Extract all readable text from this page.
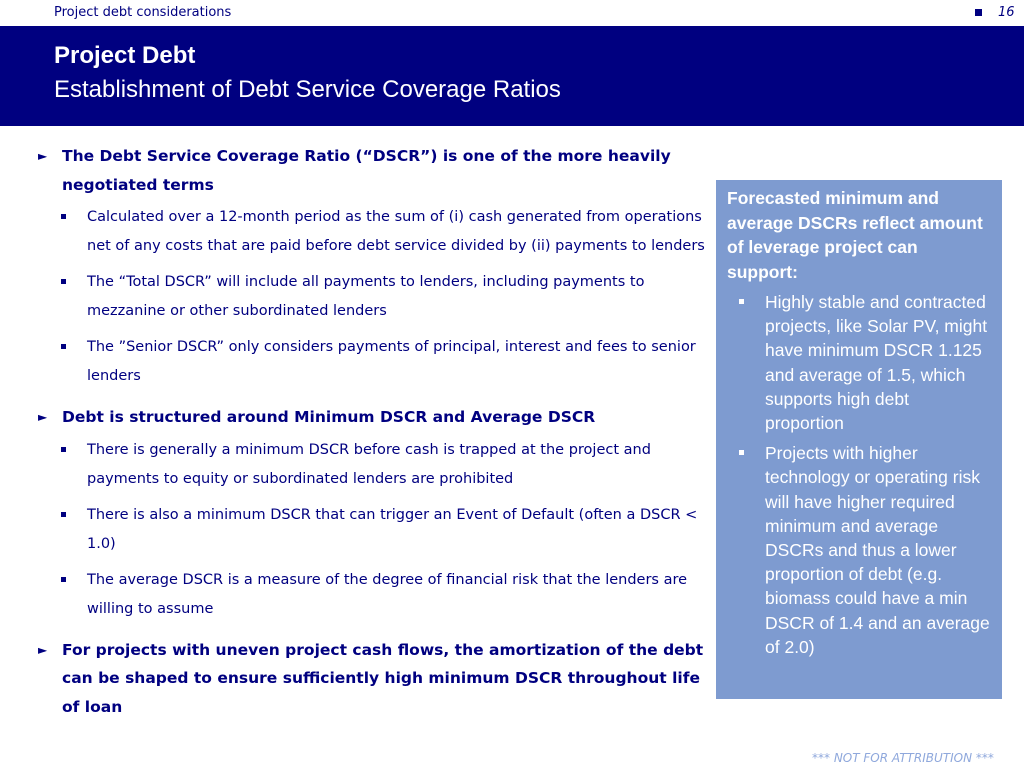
Project debt considerations	16
Project Debt
Establishment of Debt Service Coverage Ratios
► The Debt Service Coverage Ratio (“DSCR”) is one of the more heavily negotiated terms
Calculated over a 12-month period as the sum of (i) cash generated from operations net of any costs that are paid before debt service divided by (ii) payments to lenders
The “Total DSCR” will include all payments to lenders, including payments to mezzanine or other subordinated lenders
The ”Senior DSCR” only considers payments of principal, interest and fees to senior lenders
► Debt is structured around Minimum DSCR and Average DSCR
There is generally a minimum DSCR before cash is trapped at the project and payments to equity or subordinated lenders are prohibited
There is also a minimum DSCR that can trigger an Event of Default (often a DSCR < 1.0)
The average DSCR is a measure of the degree of financial risk that the lenders are willing to assume
► For projects with uneven project cash flows, the amortization of the debt can be shaped to ensure sufficiently high minimum DSCR throughout life of loan
Forecasted minimum and average DSCRs reflect amount of leverage project can support:
Highly stable and contracted projects, like Solar PV, might have minimum DSCR 1.125 and average of 1.5, which supports high debt proportion
Projects with higher technology or operating risk will have higher required minimum and average DSCRs and thus a lower proportion of debt (e.g. biomass could have a min DSCR of 1.4 and an average of 2.0)
*** NOT FOR ATTRIBUTION ***
